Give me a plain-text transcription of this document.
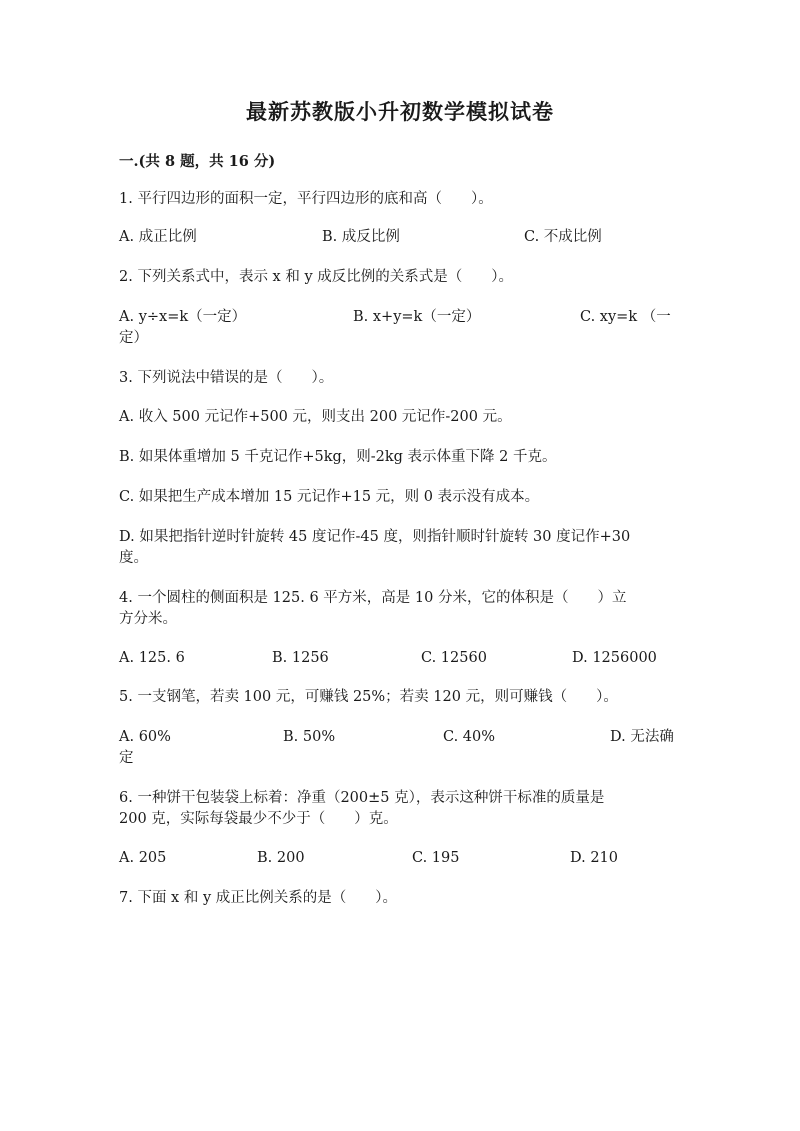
最新苏教版小升初数学模拟试卷
一.(共 8 题，共 16 分)
1. 平行四边形的面积一定，平行四边形的底和高（　　）。
A. 成正比例	B. 成反比例	C. 不成比例
2. 下列关系式中，表示 x 和 y 成反比例的关系式是（　　）。
A. y÷x=k（一定）	B. x+y=k（一定）	C. xy=k （一
定）
3. 下列说法中错误的是（　　）。
A. 收入 500 元记作+500 元，则支出 200 元记作-200 元。
B. 如果体重增加 5 千克记作+5kg，则-2kg 表示体重下降 2 千克。
C. 如果把生产成本增加 15 元记作+15 元，则 0 表示没有成本。
D. 如果把指针逆时针旋转 45 度记作-45 度，则指针顺时针旋转 30 度记作+30
度。
4. 一个圆柱的侧面积是 125. 6 平方米，高是 10 分米，它的体积是（　　）立
方分米。
A. 125. 6	B. 1256	C. 12560	D. 1256000
5. 一支钢笔，若卖 100 元，可赚钱 25%；若卖 120 元，则可赚钱（　　）。
A. 60%	B. 50%	C. 40%	D. 无法确
定
6. 一种饼干包装袋上标着：净重（200±5 克），表示这种饼干标准的质量是
200 克，实际每袋最少不少于（　　）克。
A. 205	B. 200	C. 195	D. 210
7. 下面 x 和 y 成正比例关系的是（　　）。
